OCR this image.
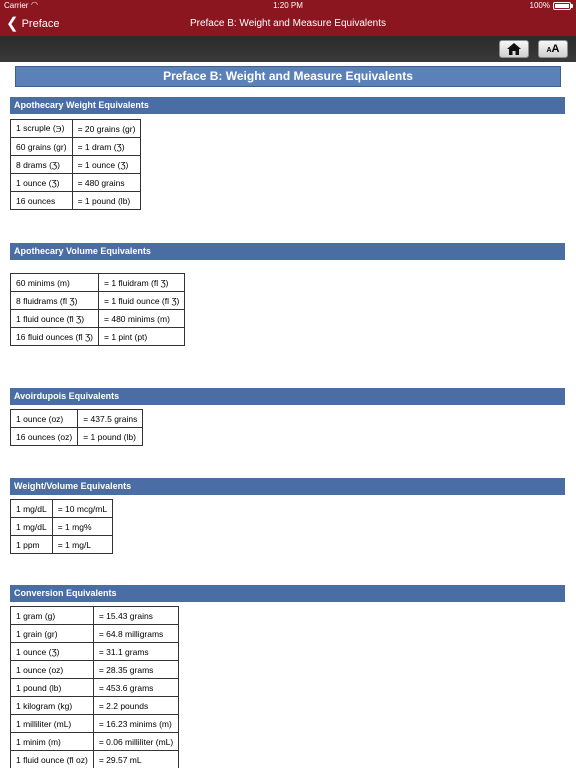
Carrier ◠	1:20 PM	100%
❮ Preface	Preface B: Weight and Measure Equivalents
A A
Preface B: Weight and Measure Equivalents
Apothecary Weight Equivalents
1 scruple (℈)	= 20 grains (gr)
60 grains (gr)	= 1 dram (Ʒ)
8 drams (Ʒ)	= 1 ounce (Ʒ)
1 ounce (Ʒ)	= 480 grains
16 ounces	= 1 pound (lb)
Apothecary Volume Equivalents
60 minims (m)	= 1 fluidram (fl Ʒ)
8 fluidrams (fl Ʒ)	= 1 fluid ounce (fl Ʒ)
1 fluid ounce (fl Ʒ)	= 480 minims (m)
16 fluid ounces (fl Ʒ)	= 1 pint (pt)
Avoirdupois Equivalents
1 ounce (oz)	= 437.5 grains
16 ounces (oz)	= 1 pound (lb)
Weight/Volume Equivalents
1 mg/dL	= 10 mcg/mL
1 mg/dL	= 1 mg%
1 ppm	= 1 mg/L
Conversion Equivalents
1 gram (g)	= 15.43 grains
1 grain (gr)	= 64.8 milligrams
1 ounce (Ʒ)	= 31.1 grams
1 ounce (oz)	= 28.35 grams
1 pound (lb)	= 453.6 grams
1 kilogram (kg)	= 2.2 pounds
1 milliliter (mL)	= 16.23 minims (m)
1 minim (m)	= 0.06 milliliter (mL)
1 fluid ounce (fl oz)	= 29.57 mL
